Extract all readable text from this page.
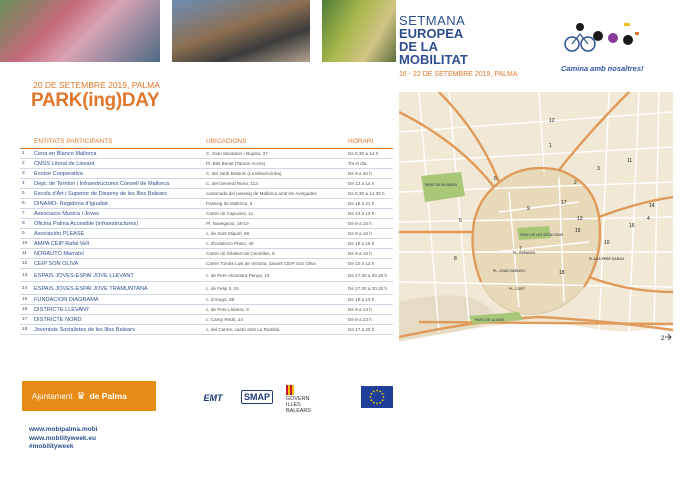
SETMANA
EUROPEA
DE LA
MOBILITAT
16 - 22 DE SETEMBRE 2019, PALMA
Camina amb nosaltres!
20 DE SETEMBRE 2019, PALMA
PARK(ing)DAY
ENTITATS PARTICIPANTS	UBICACIONS	HORARI
1	Cena en Blanco Mallorca	C. Joan Muntaner i Bujosa, 37	De 8,30 a 14 h
2	CMSS Litoral de Llevant	Pl. Biel Bonet (Tancar Acces)	Tot el dia
3	Ecotxe Cooperativa	C. del Jardí Botànic (La Misericòrdia)	De 9 a 20 h
4	Dept. de Territori i Infraestructures Consell de Mallorca	C. del General Riera, 113	De 12 a 14 h
5	Escola d'Art i Superior de Disseny de les Illes Balears	cantonada del passeig de Mallorca amb les Avingudes	De 8,30 a 14,30 h
6	DINAMO- Regidoria d'Igualtat	Passeig de Mallorca, 6	De 16 a 21 h
7	Associacio Musica i Joves	Carrer de Capuxins, 11	De 12 a 13 h
8	Oficina Palma Accesible (Infraestructures)	Pl. Navegacio, 18-19	De 9 a 15 h
9	Asociación PLEASE	c. de Sant Miquel, 66	De 9 a 19 h
10	AMPA CEIP Rafal Vell	c. d'Indalecio Prieto, 49	De 15 a 19 h
11	NORAUTO Marratxí	Carrer de Gilabert de Centelles, 8	De 9 a 19 h
12	CEIP SON OLIVA	Carrer Tomás Luis de Victoria, davant CEIP Son Oliva	De 10 a 13 h
13	ESPAIS JOVES-ESPAI JOVE LLEVANT	c. de Pere Alcantara Penya, 10	De 17.30 a 20.30 h
14	ESPAIS JOVES-ESPAI JOVE TRAMUNTANA	c. de Felip II, 19	De 17.30 a 20.30 h
15	FUNDACION DIAGRAMA	c. d'Aragó, 59	De 10 a 13 h
16	DISTRICTE LLEVANT	c. de Pere Llobera, 9	De 9 a 14 h
17	DISTRICTE NORD	c. Camp Redó, 24	De 9 a 23 h
18	Joventuts Socialistes de les Illes Balears	c. del Carme, cantó amb La Rambla	De 17 a 20 h
PARC DE SA RIERA
PARC DE LES ESTACIONS
PL. ESPANYA
PL. JOAN CARLES I
PL. CORT
PLAÇA PERE GARAU
PARC DE LA MAR
1
2
3
4
5
6
7
8
9
10
11
12
13
14
15
16
17
18
2
Ajuntament ♛ de Palma	EMT	SMAP	GOVERN
ILLES
BALEARS
www.mobipalma.mobi
www.mobilityweek.eu
#mobilityweek
